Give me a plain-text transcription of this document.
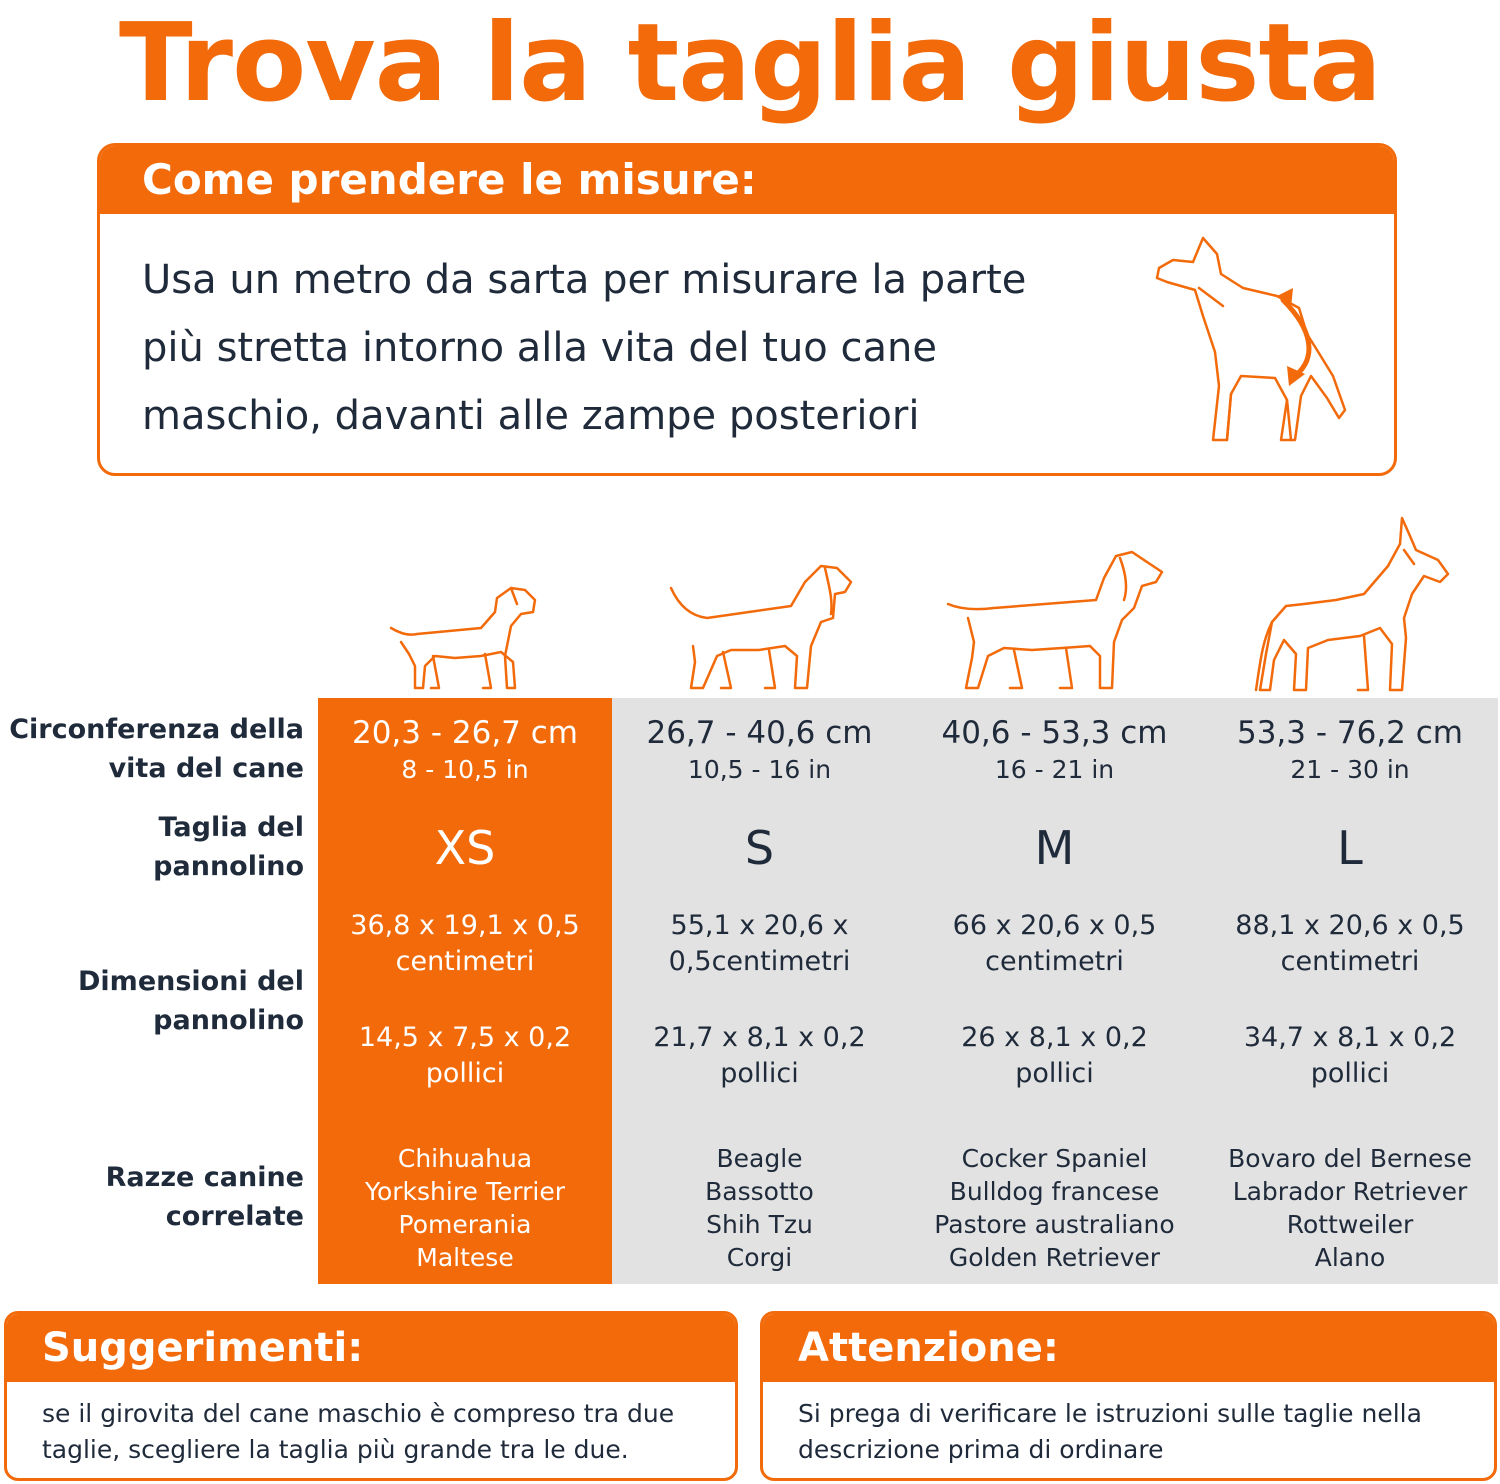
Trova la taglia giusta
Come prendere le misure:
Usa un metro da sarta per misurare la parte
più stretta intorno alla vita del tuo cane
maschio, davanti alle zampe posteriori
Circonferenza della
vita del cane
Taglia del
pannolino
Dimensioni del
pannolino
Razze canine
correlate
20,3 - 26,7 cm
8 - 10,5 in
XS
36,8 x 19,1 x 0,5
centimetri
14,5 x 7,5 x 0,2
pollici
Chihuahua
Yorkshire Terrier
Pomerania
Maltese
26,7 - 40,6 cm
10,5 - 16 in
S
55,1 x 20,6 x
0,5centimetri
21,7 x 8,1 x 0,2
pollici
Beagle
Bassotto
Shih Tzu
Corgi
40,6 - 53,3 cm
16 - 21 in
M
66 x 20,6 x 0,5
centimetri
26 x 8,1 x 0,2
pollici
Cocker Spaniel
Bulldog francese
Pastore australiano
Golden Retriever
53,3 - 76,2 cm
21 - 30 in
L
88,1 x 20,6 x 0,5
centimetri
34,7 x 8,1 x 0,2
pollici
Bovaro del Bernese
Labrador Retriever
Rottweiler
Alano
Suggerimenti:
se il girovita del cane maschio è compreso tra due
taglie, scegliere la taglia più grande tra le due.
Attenzione:
Si prega di verificare le istruzioni sulle taglie nella
descrizione prima di ordinare
